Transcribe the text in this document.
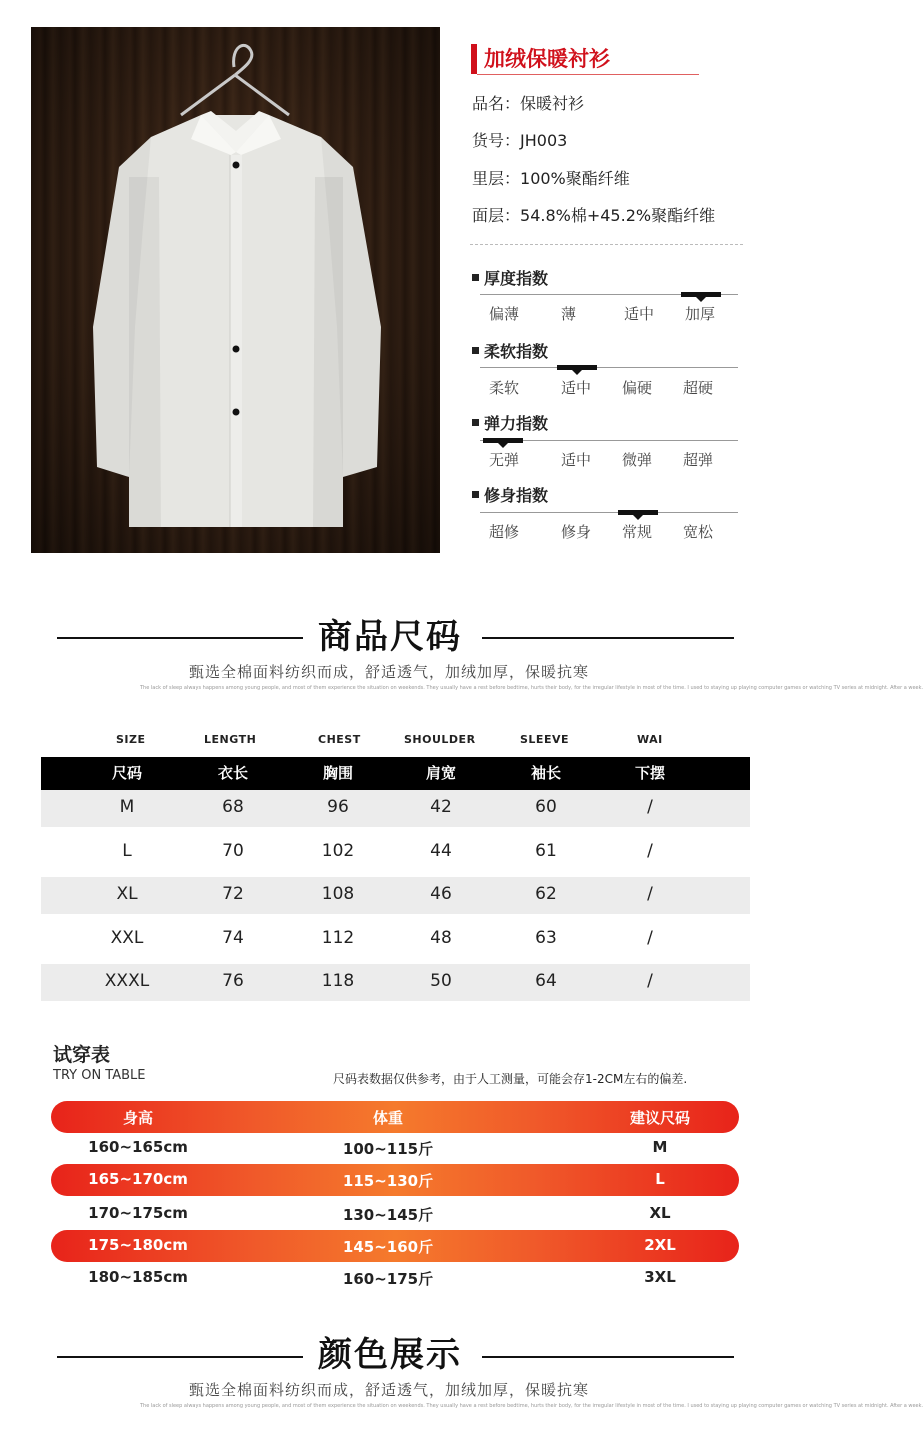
加绒保暖衬衫
品名：保暖衬衫
货号：JH003
里层：100%聚酯纤维
面层：54.8%棉+45.2%聚酯纤维
厚度指数
偏薄	薄	适中 加厚
柔软指数
柔软	适中 偏硬 超硬
弹力指数
无弹	适中 微弹 超弹
修身指数
超修	修身 常规 宽松
商品尺码
甄选全棉面料纺织而成，舒适透气，加绒加厚，保暖抗寒
The lack of sleep always happens among young people, and most of them experience the situation on weekends. They usually have a rest before bedtime, hurts their body, for the irregular lifestyle in most of the time. I used to staying up playing computer games or watching TV series at midnight. After a week.
SIZE	LENGTH	CHEST	SHOULDER	SLEEVE	WAI
尺码	衣长	胸围	肩宽	袖长	下摆
M	68	96	42	60	/
L	70	102	44	61	/
XL	72	108	46	62	/
XXL	74	112	48	63	/
XXXL	76	118	50	64	/
试穿表
TRY ON TABLE	尺码表数据仅供参考，由于人工测量，可能会存1-2CM左右的偏差.
身高	体重	建议尺码
160~165cm	100~115斤	M
165~170cm	115~130斤	L
170~175cm	130~145斤	XL
175~180cm	145~160斤	2XL
180~185cm	160~175斤	3XL
颜色展示
甄选全棉面料纺织而成，舒适透气，加绒加厚，保暖抗寒
The lack of sleep always happens among young people, and most of them experience the situation on weekends. They usually have a rest before bedtime, hurts their body, for the irregular lifestyle in most of the time. I used to staying up playing computer games or watching TV series at midnight. After a week.
